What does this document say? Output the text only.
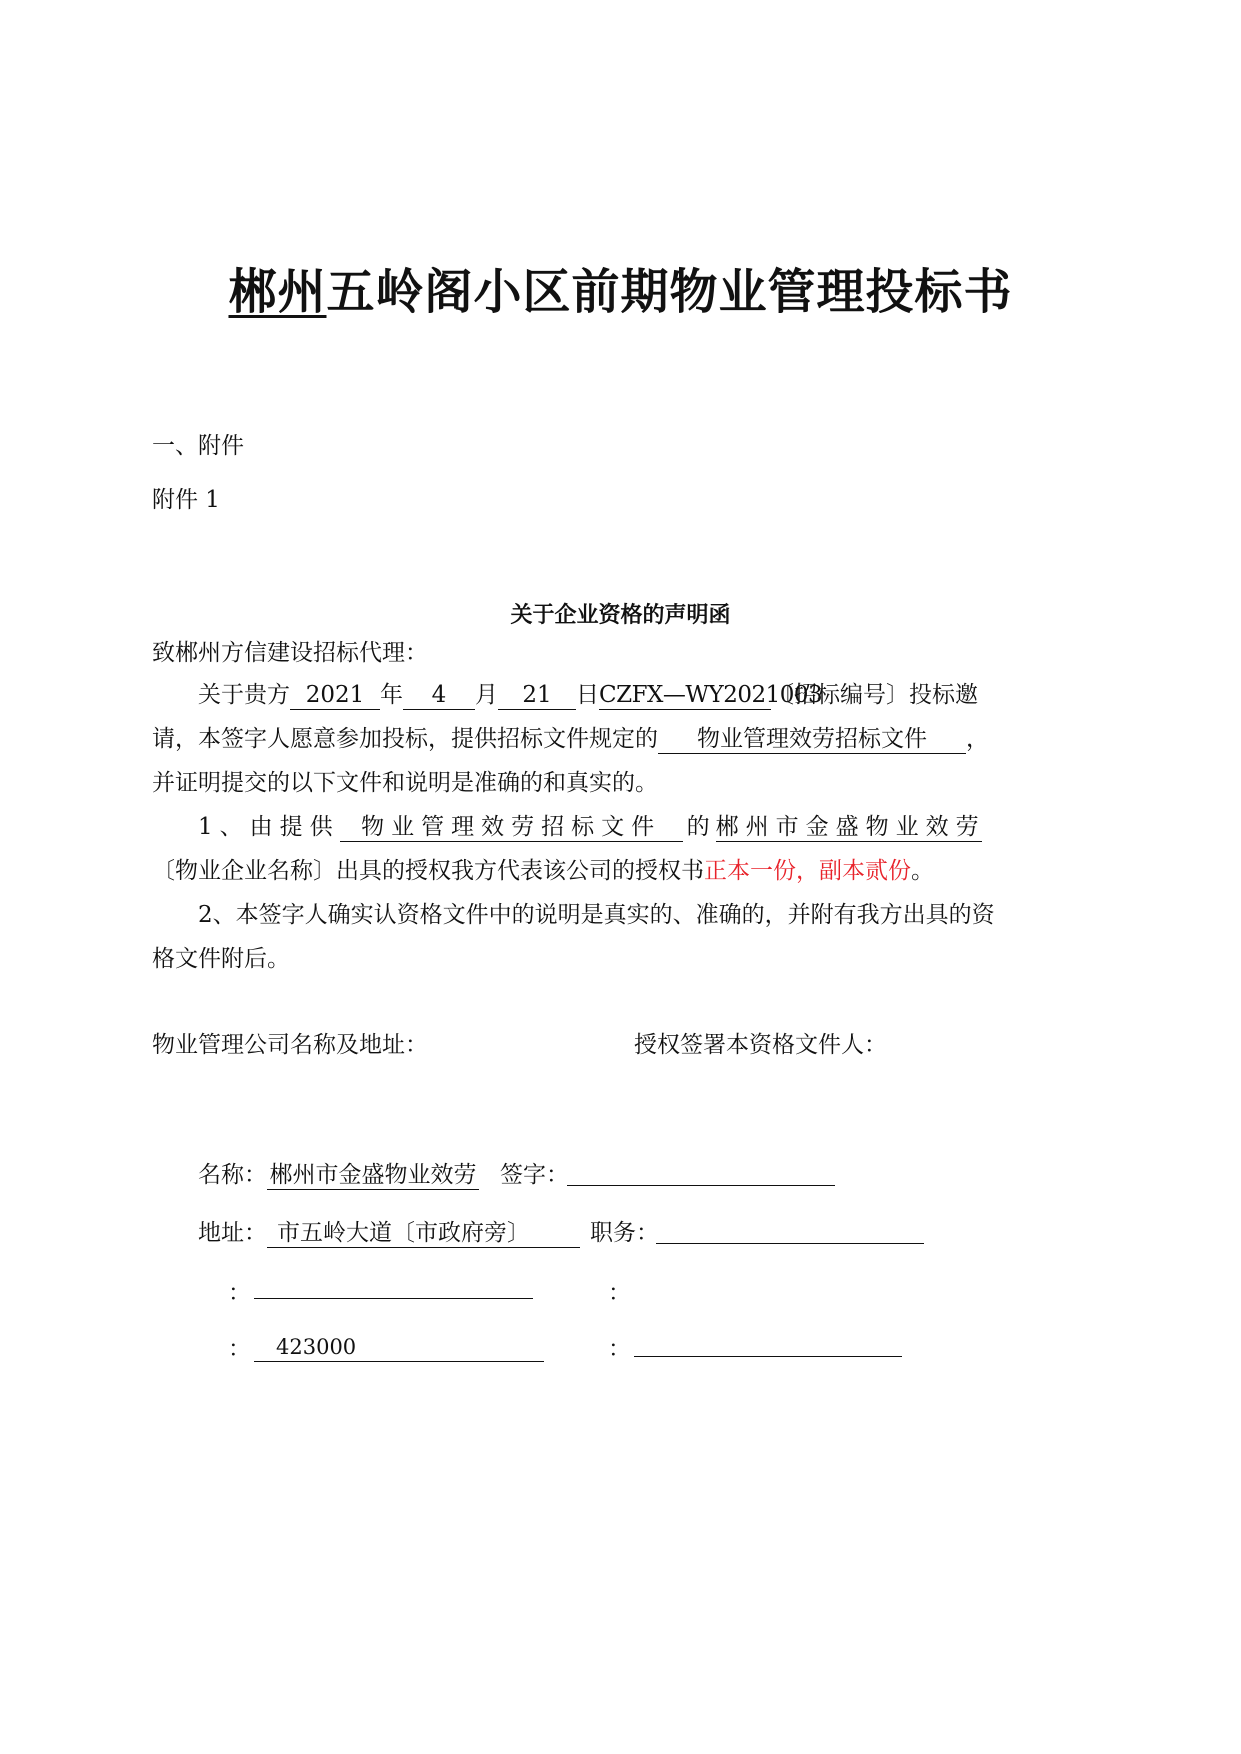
郴州五岭阁小区前期物业管理投标书
一、附件
附件 1
关于企业资格的声明函
致郴州方信建设招标代理：
关于贵方 2021 年 4 月 21 日CZFX—WY2021003〔招标编号〕投标邀
请，本签字人愿意参加投标，提供招标文件规定的 物业管理效劳招标文件 ，
并证明提交的以下文件和说明是准确的和真实的。
1、由提供 物业管理效劳招标文件 的 郴州市金盛物业效劳
〔物业企业名称〕出具的授权我方代表该公司的授权书正本一份，副本贰份。
2、本签字人确实认资格文件中的说明是真实的、准确的，并附有我方出具的资
格文件附后。
物业管理公司名称及地址：	授权签署本资格文件人：
名称： 郴州市金盛物业效劳 签字：
地址： 市五岭大道〔市政府旁〕	职务：
：	：
：	423000	：
